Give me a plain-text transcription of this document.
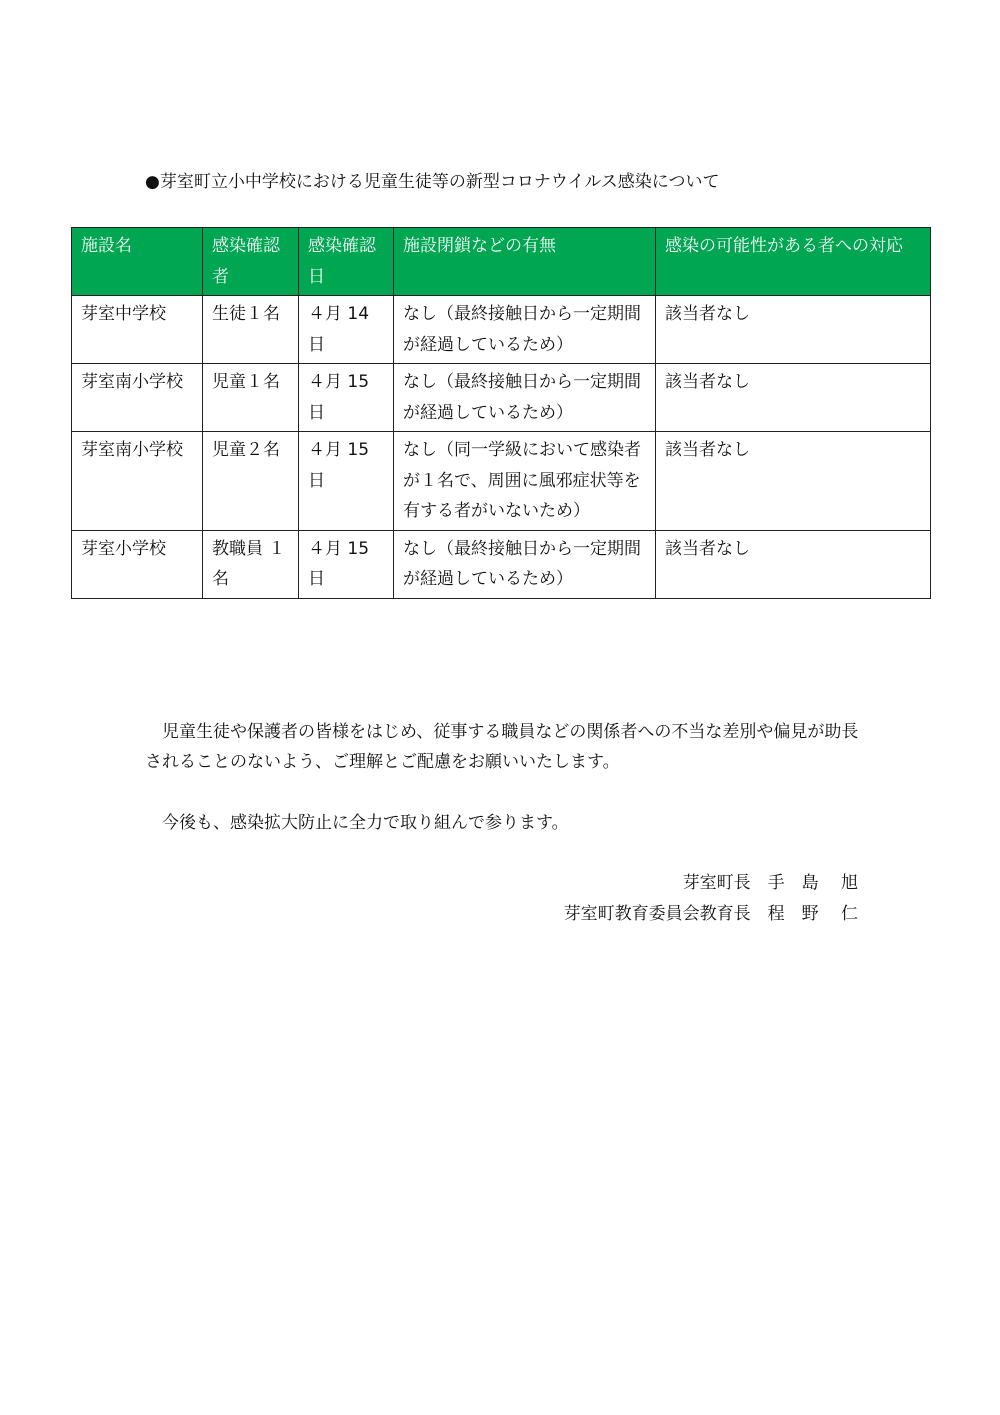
●芽室町立小中学校における児童生徒等の新型コロナウイルス感染について
施設名	感染確認者	感染確認日	施設閉鎖などの有無	感染の可能性がある者への対応
芽室中学校	生徒１名	４月 14 日	なし（最終接触日から一定期間が経過しているため）	該当者なし
芽室南小学校	児童１名	４月 15 日	なし（最終接触日から一定期間が経過しているため）	該当者なし
芽室南小学校	児童２名	４月 15 日	なし（同一学級において感染者が１名で、周囲に風邪症状等を有する者がいないため）	該当者なし
芽室小学校	教職員 １名	４月 15 日	なし（最終接触日から一定期間が経過しているため）	該当者なし
児童生徒や保護者の皆様をはじめ、従事する職員などの関係者への不当な差別や偏見が助長されることのないよう、ご理解とご配慮をお願いいたします。
今後も、感染拡大防止に全力で取り組んで参ります。
芽室町長　手　島　 旭
芽室町教育委員会教育長　程　野　 仁
